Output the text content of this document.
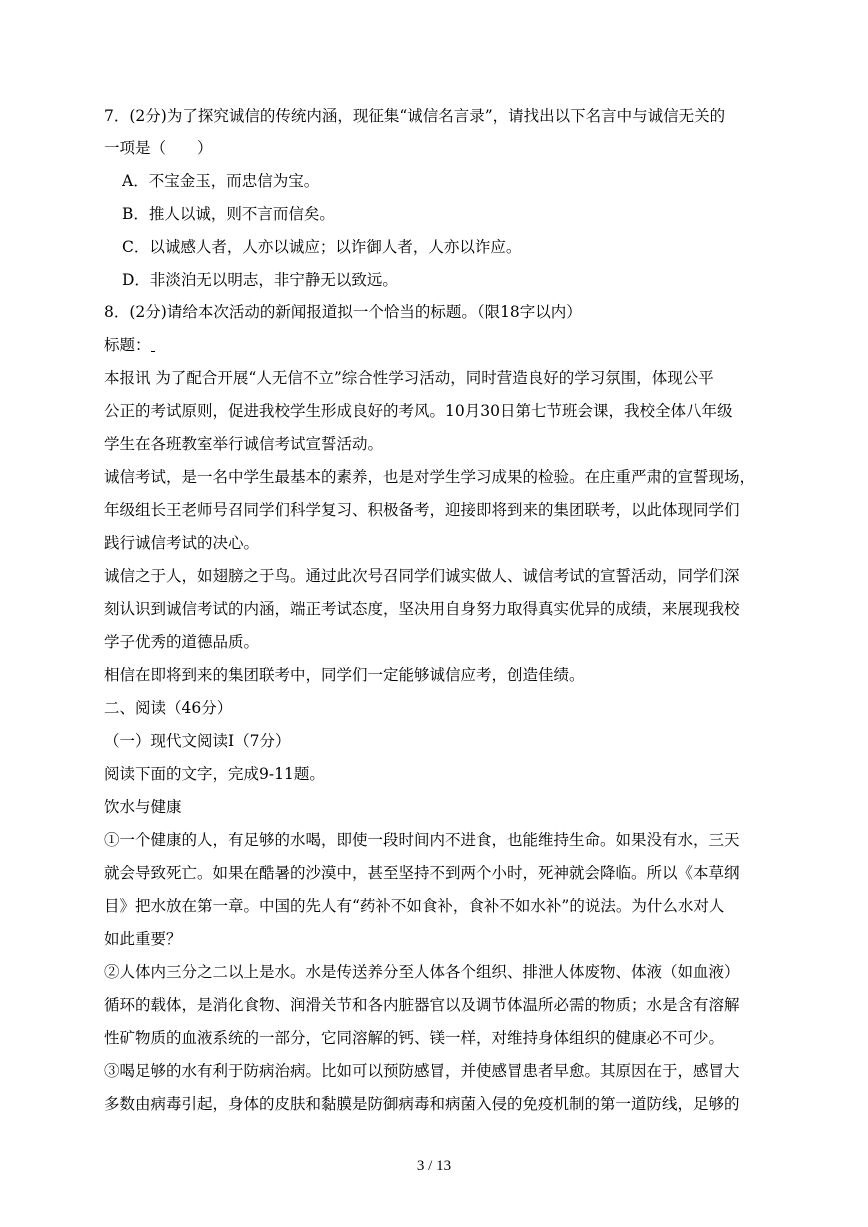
7．(2分)为了探究诚信的传统内涵，现征集“诚信名言录”，请找出以下名言中与诚信无关的
一项是（　　）
A．不宝金玉，而忠信为宝。
B．推人以诚，则不言而信矣。
C．以诚感人者，人亦以诚应；以诈御人者，人亦以诈应。
D．非淡泊无以明志，非宁静无以致远。
8．(2分)请给本次活动的新闻报道拟一个恰当的标题。（限18字以内）
标题：
本报讯 为了配合开展“人无信不立”综合性学习活动，同时营造良好的学习氛围，体现公平
公正的考试原则，促进我校学生形成良好的考风。10月30日第七节班会课，我校全体八年级
学生在各班教室举行诚信考试宣誓活动。
诚信考试，是一名中学生最基本的素养，也是对学生学习成果的检验。在庄重严肃的宣誓现场，
年级组长王老师号召同学们科学复习、积极备考，迎接即将到来的集团联考，以此体现同学们
践行诚信考试的决心。
诚信之于人，如翅膀之于鸟。通过此次号召同学们诚实做人、诚信考试的宣誓活动，同学们深
刻认识到诚信考试的内涵，端正考试态度，坚决用自身努力取得真实优异的成绩，来展现我校
学子优秀的道德品质。
相信在即将到来的集团联考中，同学们一定能够诚信应考，创造佳绩。
二、阅读（46分）
（一）现代文阅读Ⅰ（7分）
阅读下面的文字，完成9-11题。
饮水与健康
①一个健康的人，有足够的水喝，即使一段时间内不进食，也能维持生命。如果没有水，三天
就会导致死亡。如果在酷暑的沙漠中，甚至坚持不到两个小时，死神就会降临。所以《本草纲
目》把水放在第一章。中国的先人有“药补不如食补，食补不如水补”的说法。为什么水对人
如此重要？
②人体内三分之二以上是水。水是传送养分至人体各个组织、排泄人体废物、体液（如血液）
循环的载体，是消化食物、润滑关节和各内脏器官以及调节体温所必需的物质；水是含有溶解
性矿物质的血液系统的一部分，它同溶解的钙、镁一样，对维持身体组织的健康必不可少。
③喝足够的水有利于防病治病。比如可以预防感冒，并使感冒患者早愈。其原因在于，感冒大
多数由病毒引起，身体的皮肤和黏膜是防御病毒和病菌入侵的免疫机制的第一道防线，足够的
3 / 13
